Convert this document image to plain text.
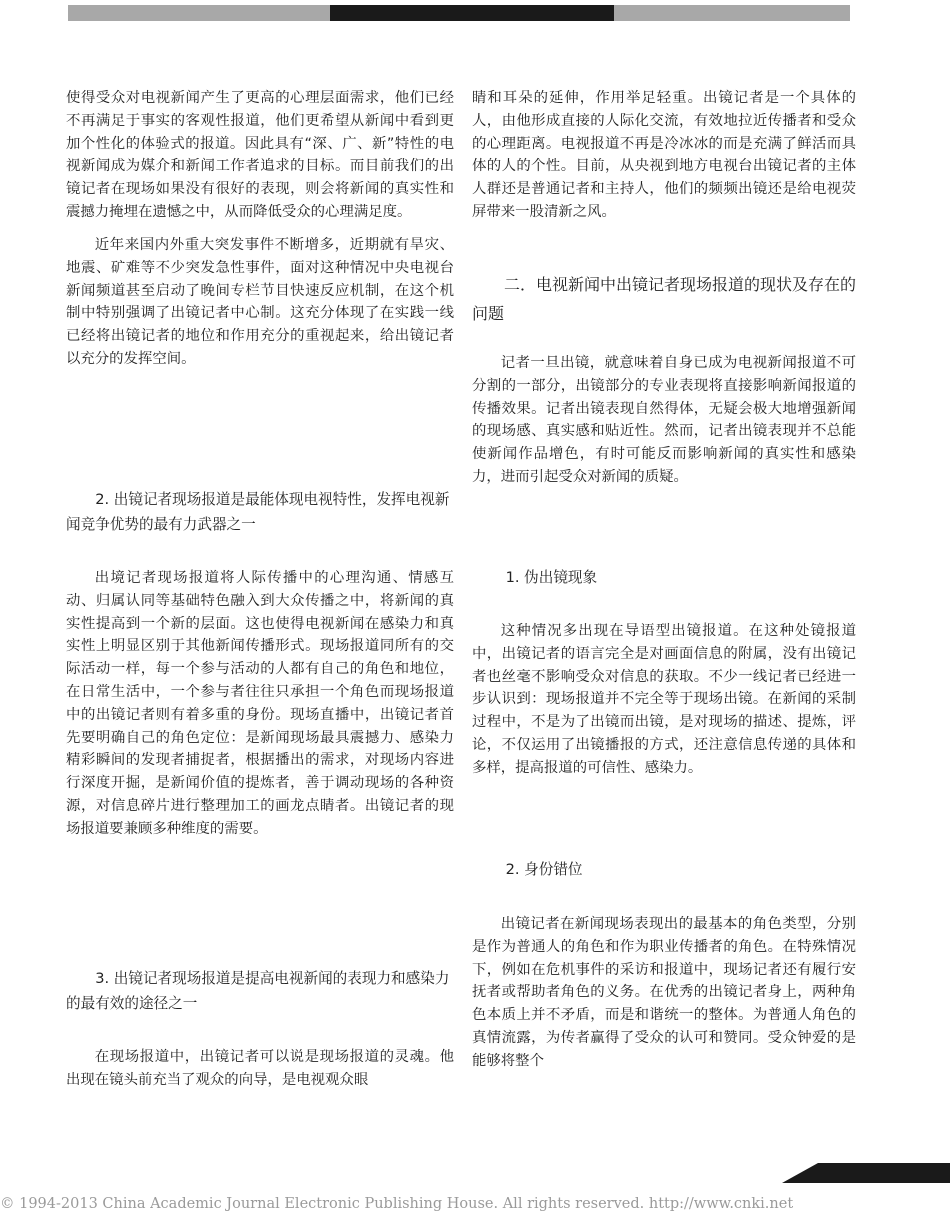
使得受众对电视新闻产生了更高的心理层面需求，他们已经不再满足于事实的客观性报道，他们更希望从新闻中看到更加个性化的体验式的报道。因此具有“深、广、新”特性的电视新闻成为媒介和新闻工作者追求的目标。而目前我们的出镜记者在现场如果没有很好的表现，则会将新闻的真实性和震撼力掩埋在遗憾之中，从而降低受众的心理满足度。

近年来国内外重大突发事件不断增多，近期就有旱灾、地震、矿难等不少突发急性事件，面对这种情况中央电视台新闻频道甚至启动了晚间专栏节目快速反应机制，在这个机制中特别强调了出镜记者中心制。这充分体现了在实践一线已经将出镜记者的地位和作用充分的重视起来，给出镜记者以充分的发挥空间。

2. 出镜记者现场报道是最能体现电视特性，发挥电视新闻竞争优势的最有力武器之一

出境记者现场报道将人际传播中的心理沟通、情感互动、归属认同等基础特色融入到大众传播之中，将新闻的真实性提高到一个新的层面。这也使得电视新闻在感染力和真实性上明显区别于其他新闻传播形式。现场报道同所有的交际活动一样，每一个参与活动的人都有自己的角色和地位，在日常生活中，一个参与者往往只承担一个角色而现场报道中的出镜记者则有着多重的身份。现场直播中，出镜记者首先要明确自己的角色定位：是新闻现场最具震撼力、感染力精彩瞬间的发现者捕捉者，根据播出的需求，对现场内容进行深度开掘，是新闻价值的提炼者，善于调动现场的各种资源，对信息碎片进行整理加工的画龙点睛者。出镜记者的现场报道要兼顾多种维度的需要。

3. 出镜记者现场报道是提高电视新闻的表现力和感染力的最有效的途径之一

在现场报道中，出镜记者可以说是现场报道的灵魂。他出现在镜头前充当了观众的向导，是电视观众眼

睛和耳朵的延伸，作用举足轻重。出镜记者是一个具体的人，由他形成直接的人际化交流，有效地拉近传播者和受众的心理距离。电视报道不再是冷冰冰的而是充满了鲜活而具体的人的个性。目前，从央视到地方电视台出镜记者的主体人群还是普通记者和主持人，他们的频频出镜还是给电视荧屏带来一股清新之风。

二．电视新闻中出镜记者现场报道的现状及存在的问题

记者一旦出镜，就意味着自身已成为电视新闻报道不可分割的一部分，出镜部分的专业表现将直接影响新闻报道的传播效果。记者出镜表现自然得体，无疑会极大地增强新闻的现场感、真实感和贴近性。然而，记者出镜表现并不总能使新闻作品增色，有时可能反而影响新闻的真实性和感染力，进而引起受众对新闻的质疑。

1. 伪出镜现象

这种情况多出现在导语型出镜报道。在这种处镜报道中，出镜记者的语言完全是对画面信息的附属，没有出镜记者也丝毫不影响受众对信息的获取。不少一线记者已经进一步认识到：现场报道并不完全等于现场出镜。在新闻的采制过程中，不是为了出镜而出镜，是对现场的描述、提炼，评论，不仅运用了出镜播报的方式，还注意信息传递的具体和多样，提高报道的可信性、感染力。

2. 身份错位

出镜记者在新闻现场表现出的最基本的角色类型，分别是作为普通人的角色和作为职业传播者的角色。在特殊情况下，例如在危机事件的采访和报道中，现场记者还有履行安抚者或帮助者角色的义务。在优秀的出镜记者身上，两种角色本质上并不矛盾，而是和谐统一的整体。为普通人角色的真情流露，为传者赢得了受众的认可和赞同。受众钟爱的是能够将整个

© 1994-2013 China Academic Journal Electronic Publishing House. All rights reserved. http://www.cnki.net
